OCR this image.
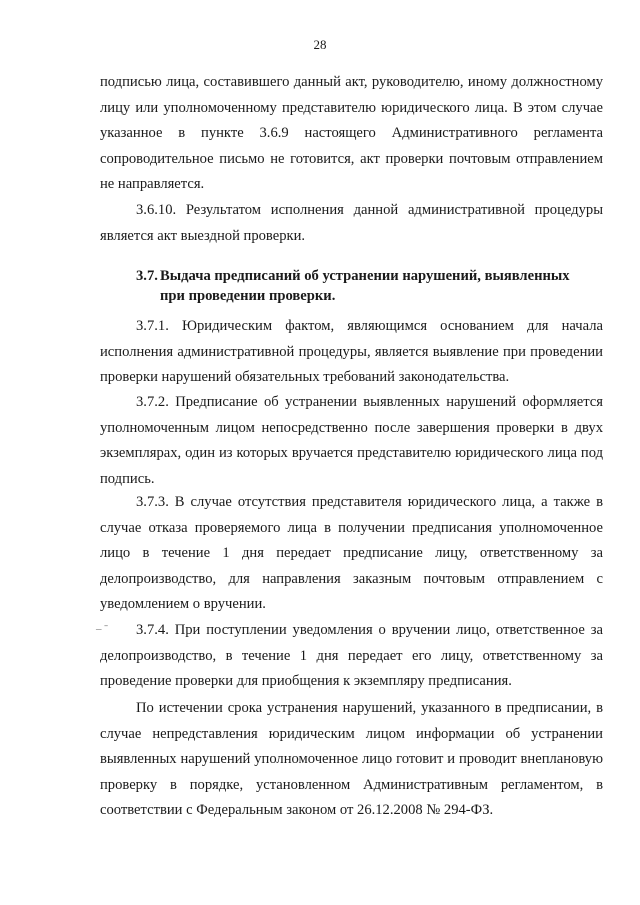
28

подписью лица, составившего данный акт, руководителю, иному должностному лицу или уполномоченному представителю юридического лица. В этом случае указанное в пункте 3.6.9 настоящего Административного регламента сопроводительное письмо не готовится, акт проверки почтовым отправлением не направляется.

3.6.10. Результатом исполнения данной административной процедуры является акт выездной проверки.

3.7. Выдача предписаний об устранении нарушений, выявленных
при проведении проверки.

3.7.1. Юридическим фактом, являющимся основанием для начала исполнения административной процедуры, является выявление при проведении проверки нарушений обязательных требований законодательства.

3.7.2. Предписание об устранении выявленных нарушений оформляется уполномоченным лицом непосредственно после завершения проверки в двух экземплярах, один из которых вручается представителю юридического лица под подпись.

3.7.3. В случае отсутствия представителя юридического лица, а также в случае отказа проверяемого лица в получении предписания уполномоченное лицо в течение 1 дня передает предписание лицу, ответственному за делопроизводство, для направления заказным почтовым отправлением с уведомлением о вручении.

– ˉ	3.7.4. При поступлении уведомления о вручении лицо, ответственное за делопроизводство, в течение 1 дня передает его лицу, ответственному за проведение проверки для приобщения к экземпляру предписания.

По истечении срока устранения нарушений, указанного в предписании, в случае непредставления юридическим лицом информации об устранении выявленных нарушений уполномоченное лицо готовит и проводит внеплановую проверку в порядке, установленном Административным регламентом, в соответствии с Федеральным законом от 26.12.2008 № 294-ФЗ.
